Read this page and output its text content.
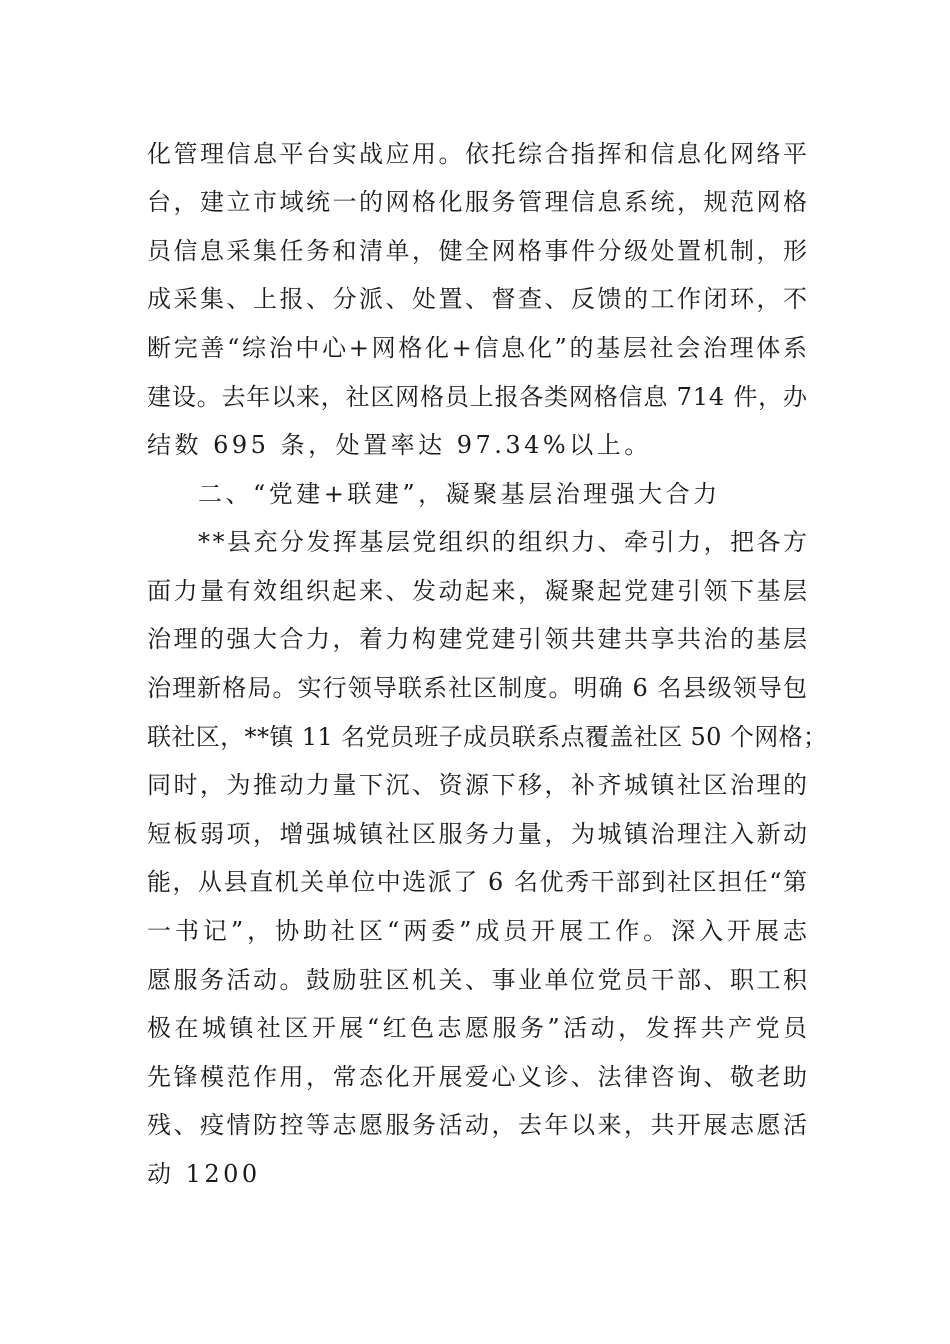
化管理信息平台实战应用。依托综合指挥和信息化网络平
台，建立市域统一的网格化服务管理信息系统，规范网格
员信息采集任务和清单，健全网格事件分级处置机制，形
成采集、上报、分派、处置、督查、反馈的工作闭环，不
断完善“综治中心+网格化+信息化”的基层社会治理体系
建设。去年以来，社区网格员上报各类网格信息 714 件，办
结数 695 条，处置率达 97.34%以上。
二、“党建+联建”，凝聚基层治理强大合力
**县充分发挥基层党组织的组织力、牵引力，把各方
面力量有效组织起来、发动起来，凝聚起党建引领下基层
治理的强大合力，着力构建党建引领共建共享共治的基层
治理新格局。实行领导联系社区制度。明确 6 名县级领导包
联社区，**镇 11 名党员班子成员联系点覆盖社区 50 个网格；
同时，为推动力量下沉、资源下移，补齐城镇社区治理的
短板弱项，增强城镇社区服务力量，为城镇治理注入新动
能，从县直机关单位中选派了 6 名优秀干部到社区担任“第
一书记”，协助社区“两委”成员开展工作。深入开展志
愿服务活动。鼓励驻区机关、事业单位党员干部、职工积
极在城镇社区开展“红色志愿服务”活动，发挥共产党员
先锋模范作用，常态化开展爱心义诊、法律咨询、敬老助
残、疫情防控等志愿服务活动，去年以来，共开展志愿活
动 1200
